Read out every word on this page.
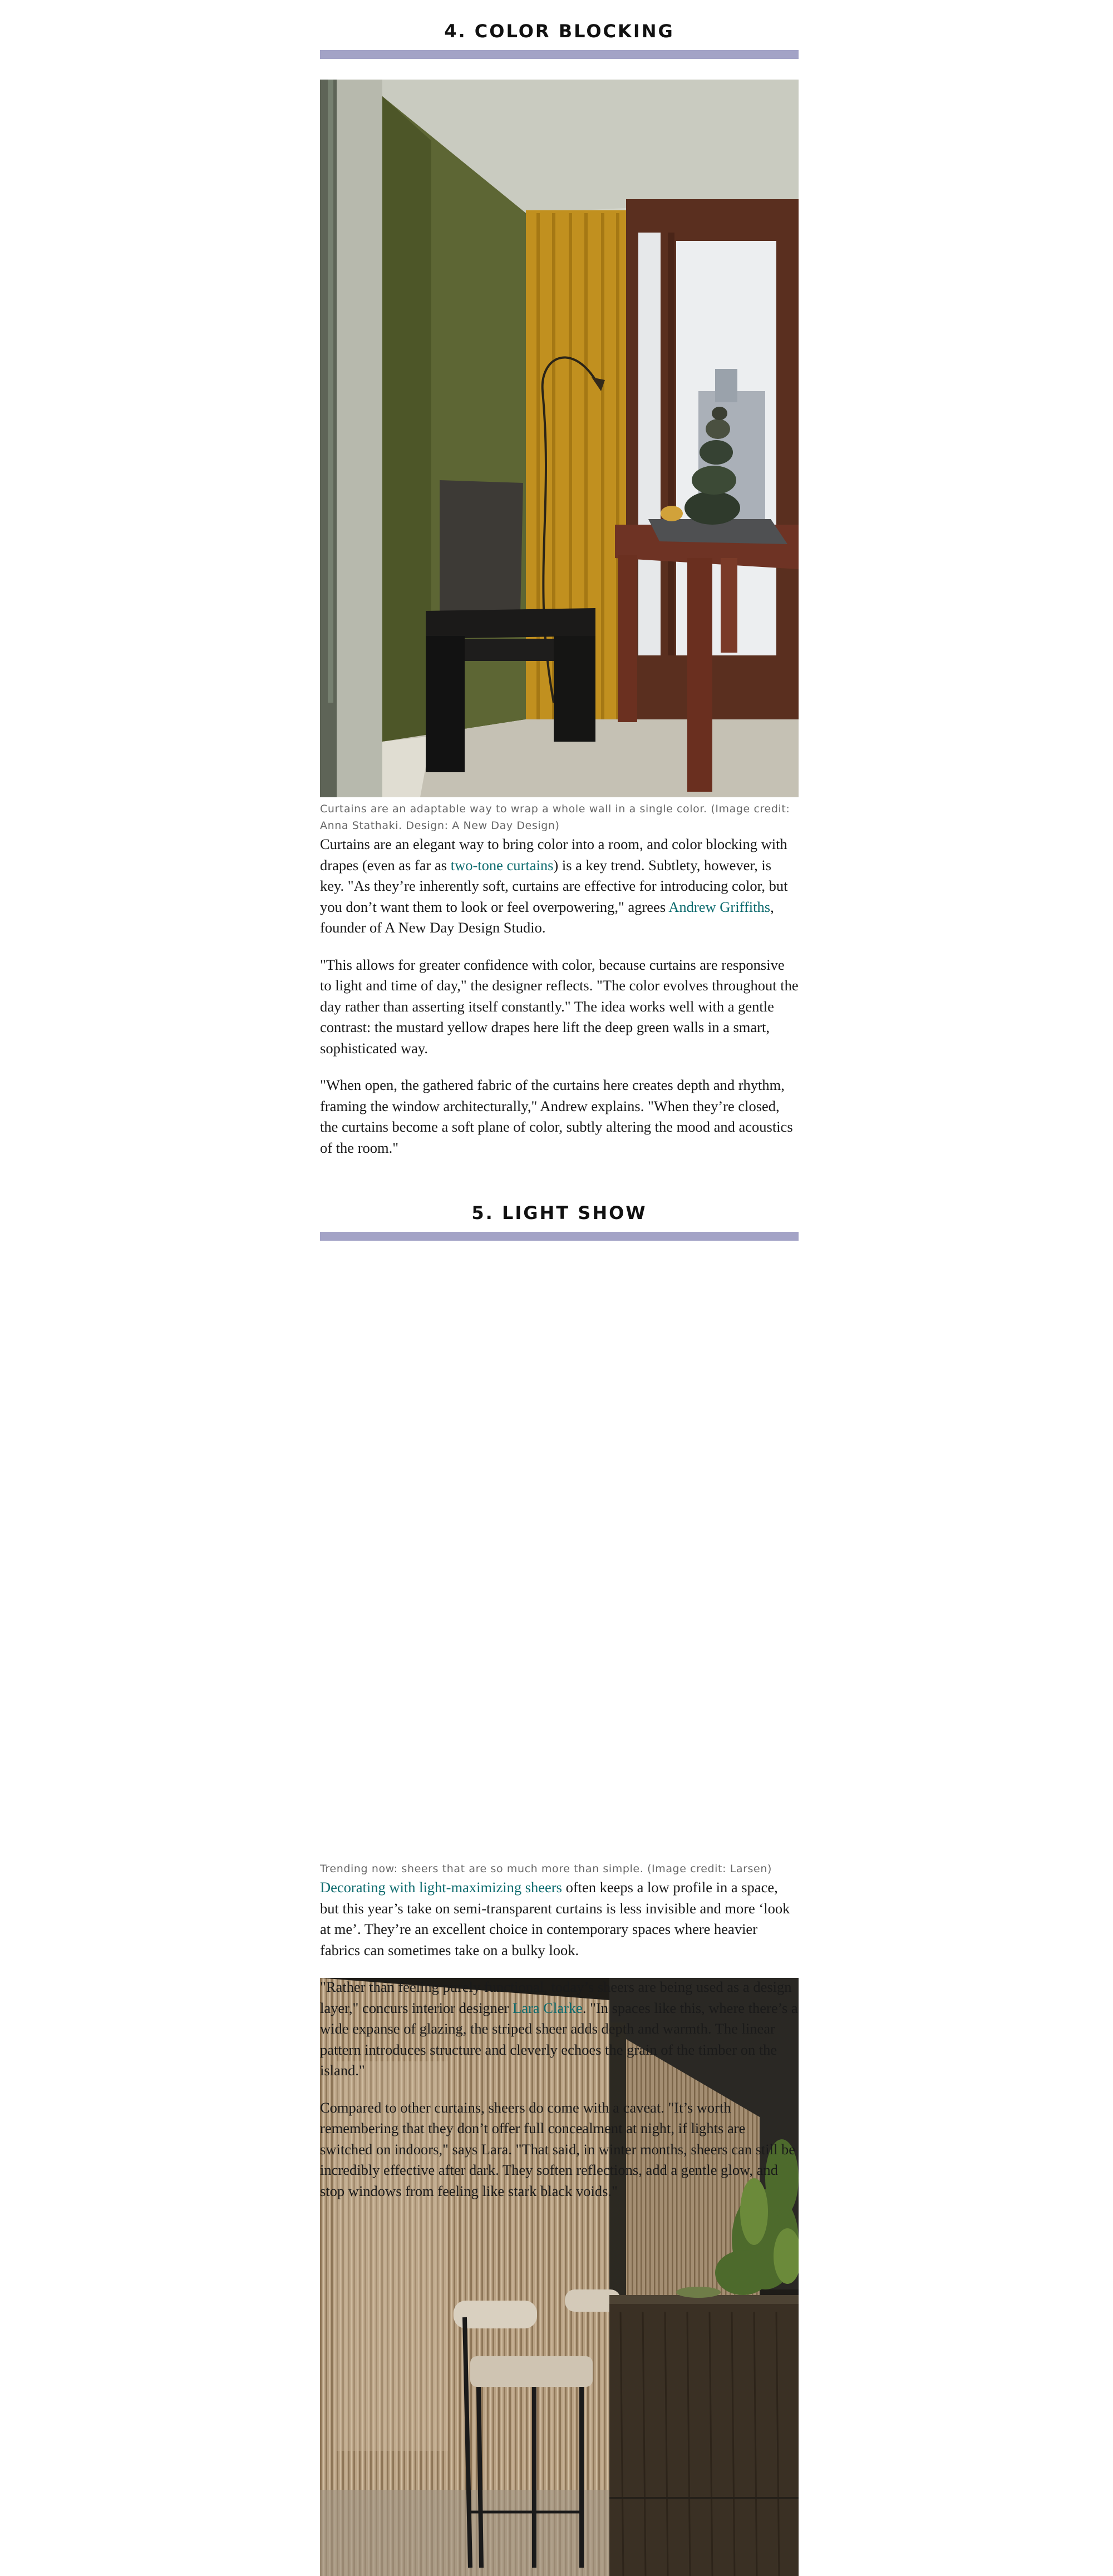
4. COLOR BLOCKING

Curtains are an adaptable way to wrap a whole wall in a single color. (Image credit: Anna Stathaki. Design: A New Day Design)

Curtains are an elegant way to bring color into a room, and color blocking with drapes (even as far as two-tone curtains) is a key trend. Subtlety, however, is key. "As they’re inherently soft, curtains are effective for introducing color, but you don’t want them to look or feel overpowering," agrees Andrew Griffiths, founder of A New Day Design Studio.

"This allows for greater confidence with color, because curtains are responsive to light and time of day," the designer reflects. "The color evolves throughout the day rather than asserting itself constantly." The idea works well with a gentle contrast: the mustard yellow drapes here lift the deep green walls in a smart, sophisticated way.

"When open, the gathered fabric of the curtains here creates depth and rhythm, framing the window architecturally," Andrew explains. "When they’re closed, the curtains become a soft plane of color, subtly altering the mood and acoustics of the room."

5. LIGHT SHOW

Trending now: sheers that are so much more than simple. (Image credit: Larsen)

Decorating with light-maximizing sheers often keeps a low profile in a space, but this year’s take on semi-transparent curtains is less invisible and more ‘look at me’. They’re an excellent choice in contemporary spaces where heavier fabrics can sometimes take on a bulky look.

"Rather than feeling purely functional, today’s sheers are being used as a design layer," concurs interior designer Lara Clarke. "In spaces like this, where there’s a wide expanse of glazing, the striped sheer adds depth and warmth. The linear pattern introduces structure and cleverly echoes the grain of the timber on the island."

Compared to other curtains, sheers do come with a caveat. "It’s worth remembering that they don’t offer full concealment at night, if lights are switched on indoors," says Lara. "That said, in winter months, sheers can still be incredibly effective after dark. They soften reflections, add a gentle glow, and stop windows from feeling like stark black voids."
